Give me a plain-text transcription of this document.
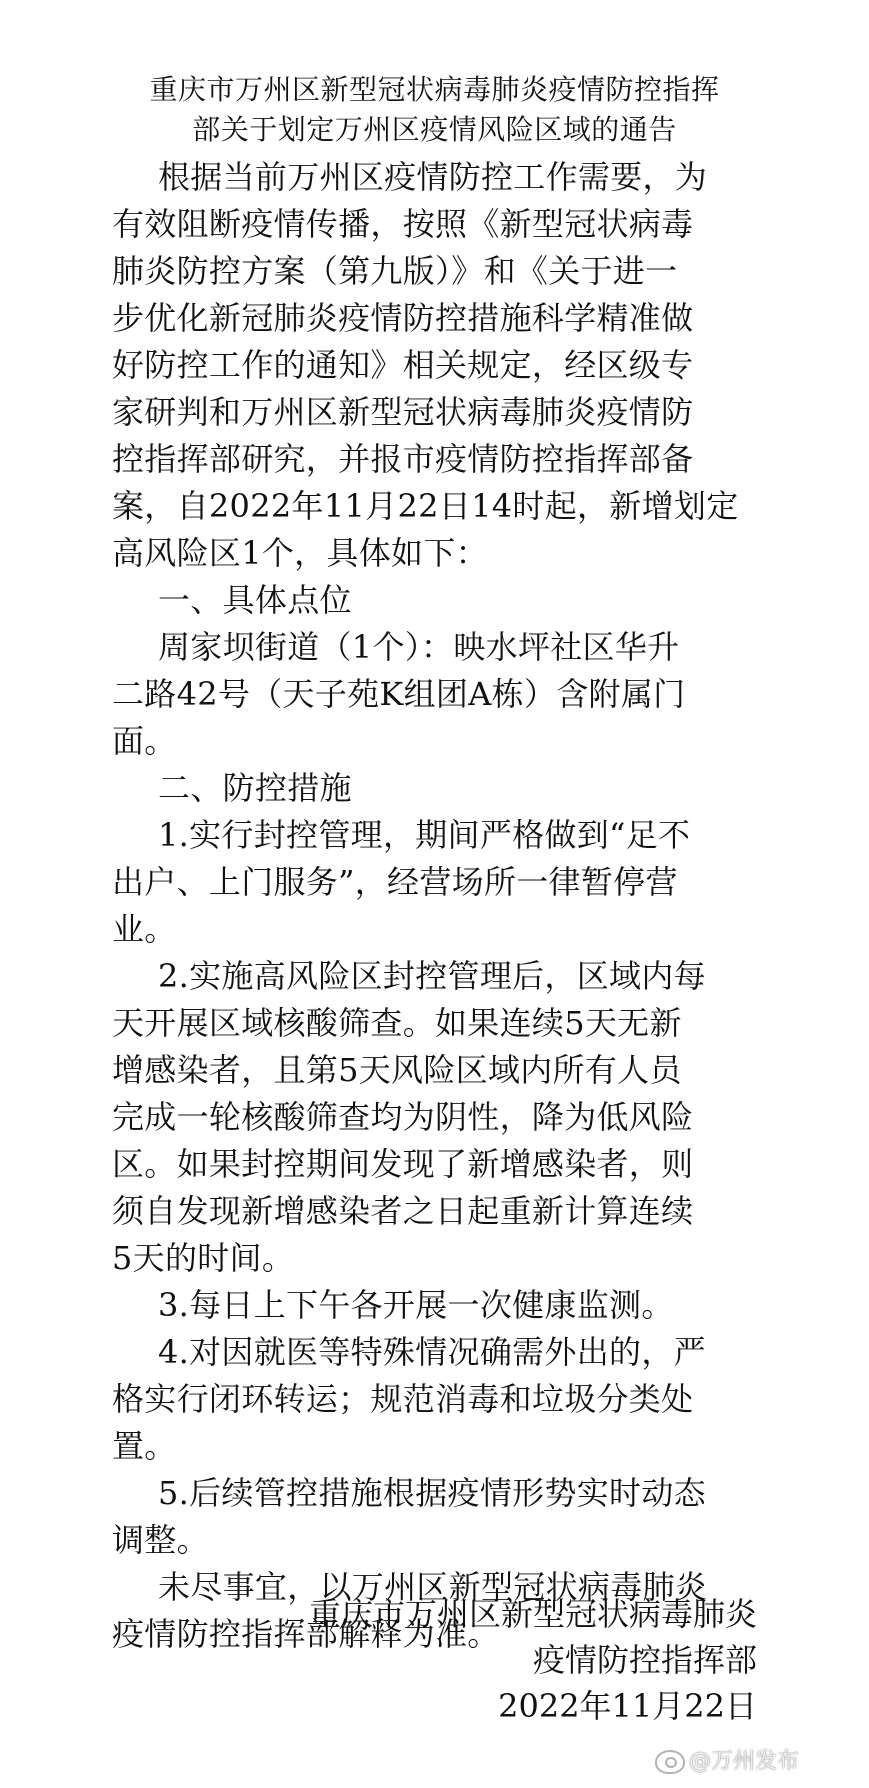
重庆市万州区新型冠状病毒肺炎疫情防控指挥
部关于划定万州区疫情风险区域的通告
根据当前万州区疫情防控工作需要，为
有效阻断疫情传播，按照《新型冠状病毒
肺炎防控方案（第九版）》和《关于进一
步优化新冠肺炎疫情防控措施科学精准做
好防控工作的通知》相关规定，经区级专
家研判和万州区新型冠状病毒肺炎疫情防
控指挥部研究，并报市疫情防控指挥部备
案，自2022年11月22日14时起，新增划定
高风险区1个，具体如下：
一、具体点位
周家坝街道（1个）：映水坪社区华升
二路42号（天子苑K组团A栋）含附属门
面。
二、防控措施
1.实行封控管理，期间严格做到“足不
出户、上门服务”，经营场所一律暂停营
业。
2.实施高风险区封控管理后，区域内每
天开展区域核酸筛查。如果连续5天无新
增感染者，且第5天风险区域内所有人员
完成一轮核酸筛查均为阴性，降为低风险
区。如果封控期间发现了新增感染者，则
须自发现新增感染者之日起重新计算连续
5天的时间。
3.每日上下午各开展一次健康监测。
4.对因就医等特殊情况确需外出的，严
格实行闭环转运；规范消毒和垃圾分类处
置。
5.后续管控措施根据疫情形势实时动态
调整。
未尽事宜，以万州区新型冠状病毒肺炎
疫情防控指挥部解释为准。
重庆市万州区新型冠状病毒肺炎
疫情防控指挥部
2022年11月22日
@万州发布
